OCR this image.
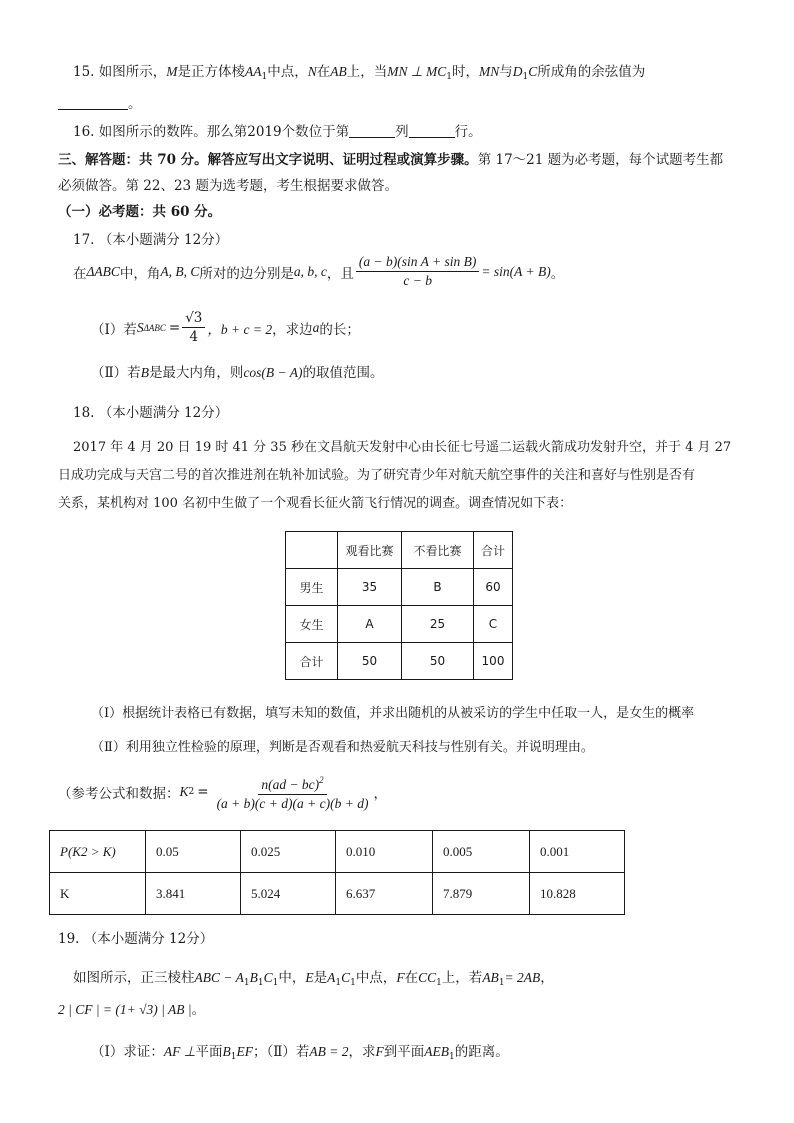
15. 如图所示，M是正方体棱$AA_1$中点，N在AB上，当MN ⊥ $MC_1$时，MN与$D_1C$所成角的余弦值为
。
16. 如图所示的数阵。那么第2019个数位于第	列	行。
三、解答题：共 70 分。解答应写出文字说明、证明过程或演算步骤。第 17～21 题为必考题，每个试题考生都
必须做答。第 22、23 题为选考题，考生根据要求做答。
（一）必考题：共 60 分。
17. （本小题满分 12分）
在 ΔABC 中，角 A, B, C 所对的边分别是 a, b, c ，且 $\frac{\text{(a − b)(sin A + sin B)}}{c - b} = \sin(A + B)$ 。
（Ⅰ）若 S $\Delta ABC = \frac{√3}{4}$ ，b + c = 2 ，求边 a 的长；
（Ⅱ）若B是最大内角，则cos(B − A)的取值范围。
18. （本小题满分 12分）
2017 年 4 月 20 日 19 时 41 分 35 秒在文昌航天发射中心由长征七号遥二运载火箭成功发射升空，并于 4 月 27
日成功完成与天宫二号的首次推进剂在轨补加试验。为了研究青少年对航天航空事件的关注和喜好与性别是否有
关系，某机构对 100 名初中生做了一个观看长征火箭飞行情况的调查。调查情况如下表：
	观看比赛	不看比赛	合计
男生	35	B	60
女生	A	25	C
合计	50	50	100
（Ⅰ）根据统计表格已有数据，填写未知的数值，并求出随机的从被采访的学生中任取一人，是女生的概率
（Ⅱ）利用独立性检验的原理，判断是否观看和热爱航天科技与性别有关。并说明理由。
（参考公式和数据： K $2 = \frac{n(ad - bc)^2}{(a + b)(c + d)(a + c)(b + d)}$ ，
P(K2 > K)	0.05	0.025	0.010	0.005	0.001
K	3.841	5.024	6.637	7.879	10.828
19. （本小题满分 12分）
如图所示，正三棱柱ABC − $A_1B_1C_1$中，E是$A_1C_1$中点，F在$CC_1$上，若$AB_1= 2AB$，
2 | CF | = (1+ √3) | AB |。
（Ⅰ）求证：AF ⊥平面$B_1EF$；（Ⅱ）若AB = 2，求F到平面$AEB_1$的距离。
